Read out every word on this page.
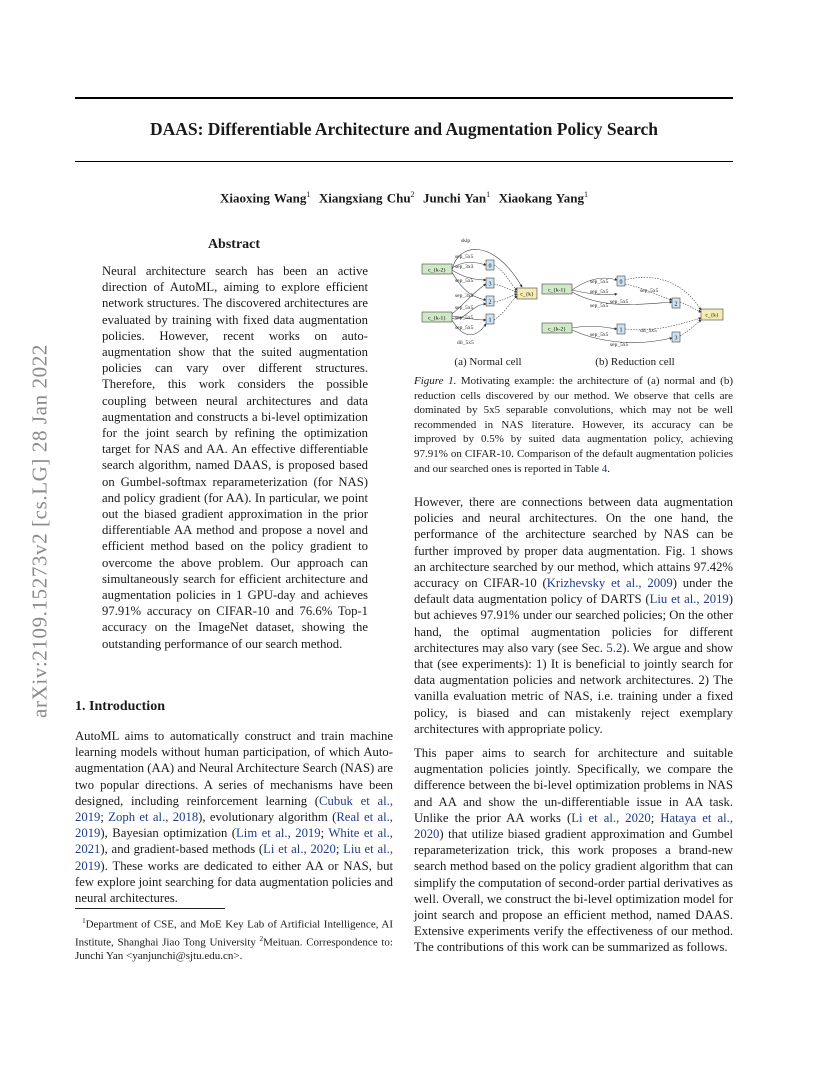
DAAS: Differentiable Architecture and Augmentation Policy Search
Xiaoxing Wang$^1$ Xiangxiang Chu$^2$ Junchi Yan$^1$ Xiaokang Yang$^1$
arXiv:2109.15273v2 [cs.LG] 28 Jan 2022
Abstract
Neural architecture search has been an active direction of AutoML, aiming to explore efficient network structures. The discovered architectures are evaluated by training with fixed data augmentation policies. However, recent works on auto-augmentation show that the suited augmentation policies can vary over different structures. Therefore, this work considers the possible coupling between neural architectures and data augmentation and constructs a bi-level optimization for the joint search by refining the optimization target for NAS and AA. An effective differentiable search algorithm, named DAAS, is proposed based on Gumbel-softmax reparameterization (for NAS) and policy gradient (for AA). In particular, we point out the biased gradient approximation in the prior differentiable AA method and propose a novel and efficient method based on the policy gradient to overcome the above problem. Our approach can simultaneously search for efficient architecture and augmentation policies in 1 GPU-day and achieves 97.91% accuracy on CIFAR-10 and 76.6% Top-1 accuracy on the ImageNet dataset, showing the outstanding performance of our search method.
1. Introduction
AutoML aims to automatically construct and train machine learning models without human participation, of which Auto-augmentation (AA) and Neural Architecture Search (NAS) are two popular directions. A series of mechanisms have been designed, including reinforcement learning (Cubuk et al., 2019; Zoph et al., 2018), evolutionary algorithm (Real et al., 2019), Bayesian optimization (Lim et al., 2019; White et al., 2021), and gradient-based methods (Li et al., 2020; Liu et al., 2019). These works are dedicated to either AA or NAS, but few explore joint searching for data augmentation policies and neural architectures.
$^1$Department of CSE, and MoE Key Lab of Artificial Intelligence, AI Institute, Shanghai Jiao Tong University $^2$Meituan. Correspondence to: Junchi Yan <yanjunchi@sjtu.edu.cn>.
skip
sep_5x5
sep_3x3
sep_5x5
sep_3x3
sep_5x5
sep_5x5
sep_5x5
dil_5x5
sep_5x5
sep_5x5	sep_5x5
sep_5x5
sep_5x5
dil_5x5
sep_5x5
sep_5x5
c_{k-2}
c_{k-1}
0
1
2
3
c_{k}
c_{k-1}
c_{k-2}
0
1
2
3
c_{k}
(a) Normal cell	(b) Reduction cell
Figure 1. Motivating example: the architecture of (a) normal and (b) reduction cells discovered by our method. We observe that cells are dominated by 5x5 separable convolutions, which may not be well recommended in NAS literature. However, its accuracy can be improved by 0.5% by suited data augmentation policy, achieving 97.91% on CIFAR-10. Comparison of the default augmentation policies and our searched ones is reported in Table 4.
However, there are connections between data augmentation policies and neural architectures. On the one hand, the performance of the architecture searched by NAS can be further improved by proper data augmentation. Fig. 1 shows an architecture searched by our method, which attains 97.42% accuracy on CIFAR-10 (Krizhevsky et al., 2009) under the default data augmentation policy of DARTS (Liu et al., 2019) but achieves 97.91% under our searched policies; On the other hand, the optimal augmentation policies for different architectures may also vary (see Sec. 5.2). We argue and show that (see experiments): 1) It is beneficial to jointly search for data augmentation policies and network architectures. 2) The vanilla evaluation metric of NAS, i.e. training under a fixed policy, is biased and can mistakenly reject exemplary architectures with appropriate policy.
This paper aims to search for architecture and suitable augmentation policies jointly. Specifically, we compare the difference between the bi-level optimization problems in NAS and AA and show the un-differentiable issue in AA task. Unlike the prior AA works (Li et al., 2020; Hataya et al., 2020) that utilize biased gradient approximation and Gumbel reparameterization trick, this work proposes a brand-new search method based on the policy gradient algorithm that can simplify the computation of second-order partial derivatives as well. Overall, we construct the bi-level optimization model for joint search and propose an efficient method, named DAAS. Extensive experiments verify the effectiveness of our method. The contributions of this work can be summarized as follows.
